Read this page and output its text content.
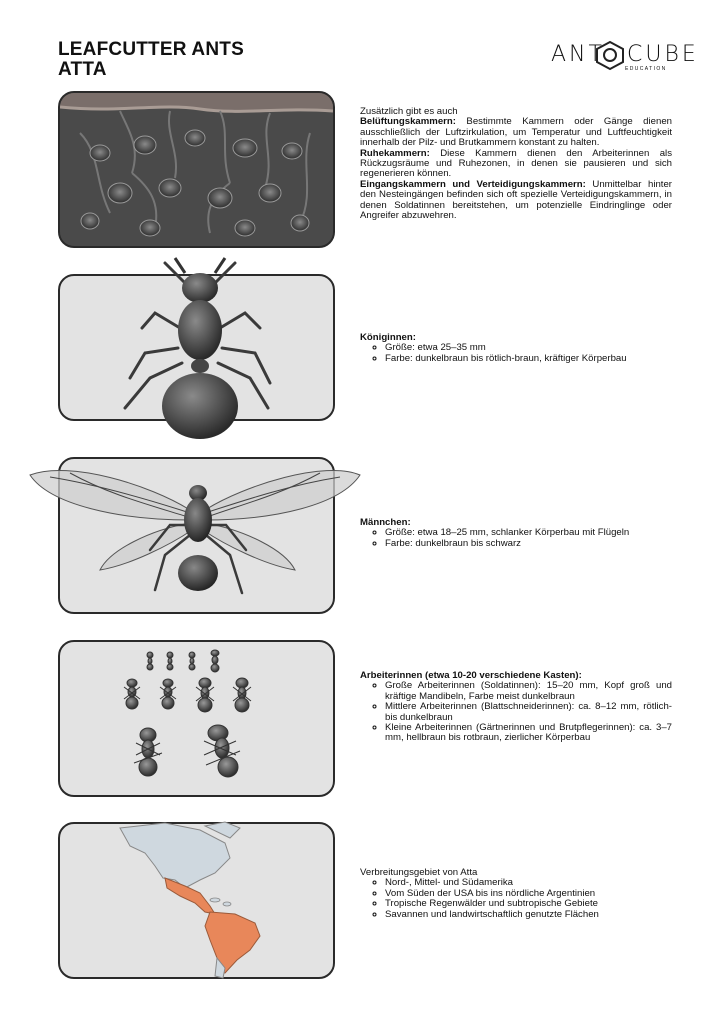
LEAFCUTTER ANTS
ATTA
ANT CUBE
EDUCATION

Zusätzlich gibt es auch

Belüftungskammern: Bestimmte Kammern oder Gänge dienen ausschließlich der Luftzirkulation, um Temperatur und Luftfeuchtigkeit innerhalb der Pilz- und Brutkammern konstant zu halten.

Ruhekammern: Diese Kammern dienen den Arbeiterinnen als Rückzugsräume und Ruhezonen, in denen sie pausieren und sich regenerieren können.

Eingangskammern und Verteidigungskammern: Unmittelbar hinter den Nesteingängen befinden sich oft spezielle Verteidigungskammern, in denen Soldatinnen bereitstehen, um potenzielle Eindringlinge oder Angreifer abzuwehren.

Königinnen:

◦ Größe: etwa 25–35 mm
◦ Farbe: dunkelbraun bis rötlich-braun, kräftiger Körperbau

Männchen:

◦ Größe: etwa 18–25 mm, schlanker Körperbau mit Flügeln
◦ Farbe: dunkelbraun bis schwarz

Arbeiterinnen (etwa 10-20 verschiedene Kasten):

◦ Große Arbeiterinnen (Soldatinnen): 15–20 mm, Kopf groß und kräftige Mandibeln, Farbe meist dunkelbraun
◦ Mittlere Arbeiterinnen (Blattschneiderinnen): ca. 8–12 mm, rötlich- bis dunkelbraun
◦ Kleine Arbeiterinnen (Gärtnerinnen und Brutpflegerinnen): ca. 3–7 mm, hellbraun bis rotbraun, zierlicher Körperbau

Verbreitungsgebiet von Atta

◦ Nord-, Mittel- und Südamerika
◦ Vom Süden der USA bis ins nördliche Argentinien
◦ Tropische Regenwälder und subtropische Gebiete
◦ Savannen und landwirtschaftlich genutzte Flächen
